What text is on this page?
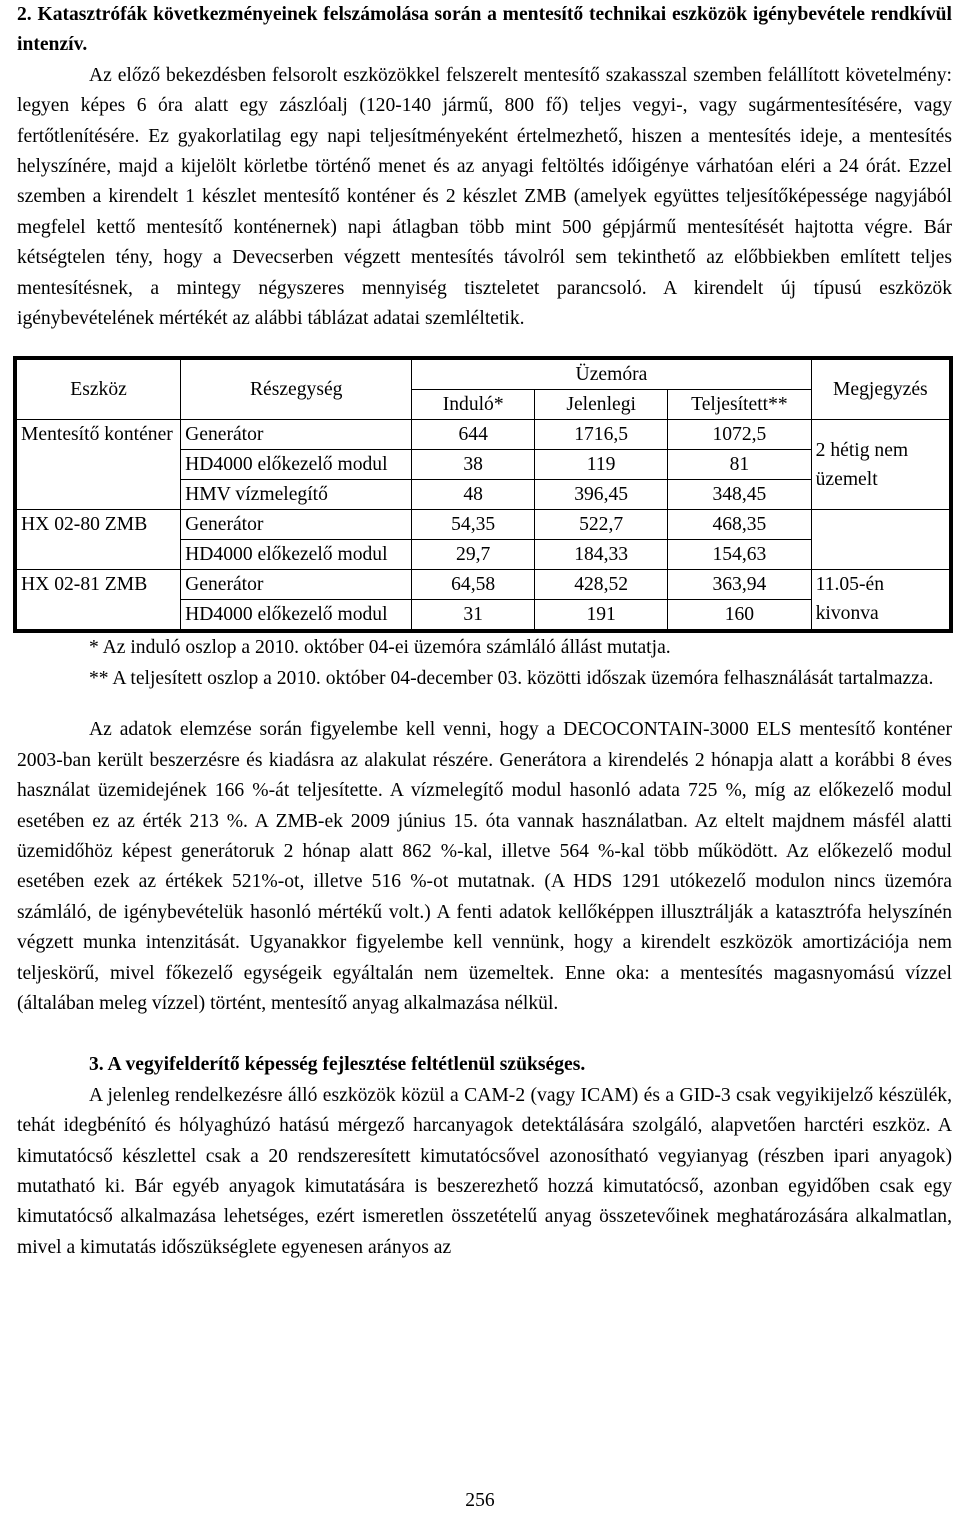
2. Katasztrófák következményeinek felszámolása során a mentesítő technikai eszközök igénybevétele rendkívül intenzív.

Az előző bekezdésben felsorolt eszközökkel felszerelt mentesítő szakasszal szemben felállított követelmény: legyen képes 6 óra alatt egy zászlóalj (120-140 jármű, 800 fő) teljes vegyi-, vagy sugármentesítésére, vagy fertőtlenítésére. Ez gyakorlatilag egy napi teljesítményeként értelmezhető, hiszen a mentesítés ideje, a mentesítés helyszínére, majd a kijelölt körletbe történő menet és az anyagi feltöltés időigénye várhatóan eléri a 24 órát. Ezzel szemben a kirendelt 1 készlet mentesítő konténer és 2 készlet ZMB (amelyek együttes teljesítőképessége nagyjából megfelel kettő mentesítő konténernek) napi átlagban több mint 500 gépjármű mentesítését hajtotta végre. Bár kétségtelen tény, hogy a Devecserben végzett mentesítés távolról sem tekinthető az előbbiekben említett teljes mentesítésnek, a mintegy négyszeres mennyiség tiszteletet parancsoló. A kirendelt új típusú eszközök igénybevételének mértékét az alábbi táblázat adatai szemléltetik.

Eszköz	Részegység	Üzemóra			Megjegyzés
		Induló*	Jelenlegi	Teljesített**	
Mentesítő konténer	Generátor	644	1716,5	1072,5	2 hétig nem üzemelt
	HD4000 előkezelő modul	38	119	81	
	HMV vízmelegítő	48	396,45	348,45	
HX 02-80 ZMB	Generátor	54,35	522,7	468,35	
	HD4000 előkezelő modul	29,7	184,33	154,63	
HX 02-81 ZMB	Generátor	64,58	428,52	363,94	11.05-én kivonva
	HD4000 előkezelő modul	31	191	160	

* Az induló oszlop a 2010. október 04-ei üzemóra számláló állást mutatja.

** A teljesített oszlop a 2010. október 04-december 03. közötti időszak üzemóra felhasználását tartalmazza.

Az adatok elemzése során figyelembe kell venni, hogy a DECOCONTAIN-3000 ELS mentesítő konténer 2003-ban került beszerzésre és kiadásra az alakulat részére. Generátora a kirendelés 2 hónapja alatt a korábbi 8 éves használat üzemidejének 166 %-át teljesítette. A vízmelegítő modul hasonló adata 725 %, míg az előkezelő modul esetében ez az érték 213 %. A ZMB-ek 2009 június 15. óta vannak használatban. Az eltelt majdnem másfél alatti üzemidőhöz képest generátoruk 2 hónap alatt 862 %-kal, illetve 564 %-kal több működött. Az előkezelő modul esetében ezek az értékek 521%-ot, illetve 516 %-ot mutatnak. (A HDS 1291 utókezelő modulon nincs üzemóra számláló, de igénybevételük hasonló mértékű volt.) A fenti adatok kellőképpen illusztrálják a katasztrófa helyszínén végzett munka intenzitását. Ugyanakkor figyelembe kell vennünk, hogy a kirendelt eszközök amortizációja nem teljeskörű, mivel főkezelő egységeik egyáltalán nem üzemeltek. Enne oka: a mentesítés magasnyomású vízzel (általában meleg vízzel) történt, mentesítő anyag alkalmazása nélkül.

3. A vegyifelderítő képesség fejlesztése feltétlenül szükséges.

A jelenleg rendelkezésre álló eszközök közül a CAM-2 (vagy ICAM) és a GID-3 csak vegyikijelző készülék, tehát idegbénító és hólyaghúzó hatású mérgező harcanyagok detektálására szolgáló, alapvetően harctéri eszköz. A kimutatócső készlettel csak a 20 rendszeresített kimutatócsővel azonosítható vegyianyag (részben ipari anyagok) mutatható ki. Bár egyéb anyagok kimutatására is beszerezhető hozzá kimutatócső, azonban egyidőben csak egy kimutatócső alkalmazása lehetséges, ezért ismeretlen összetételű anyag összetevőinek meghatározására alkalmatlan, mivel a kimutatás időszükséglete egyenesen arányos az

256
